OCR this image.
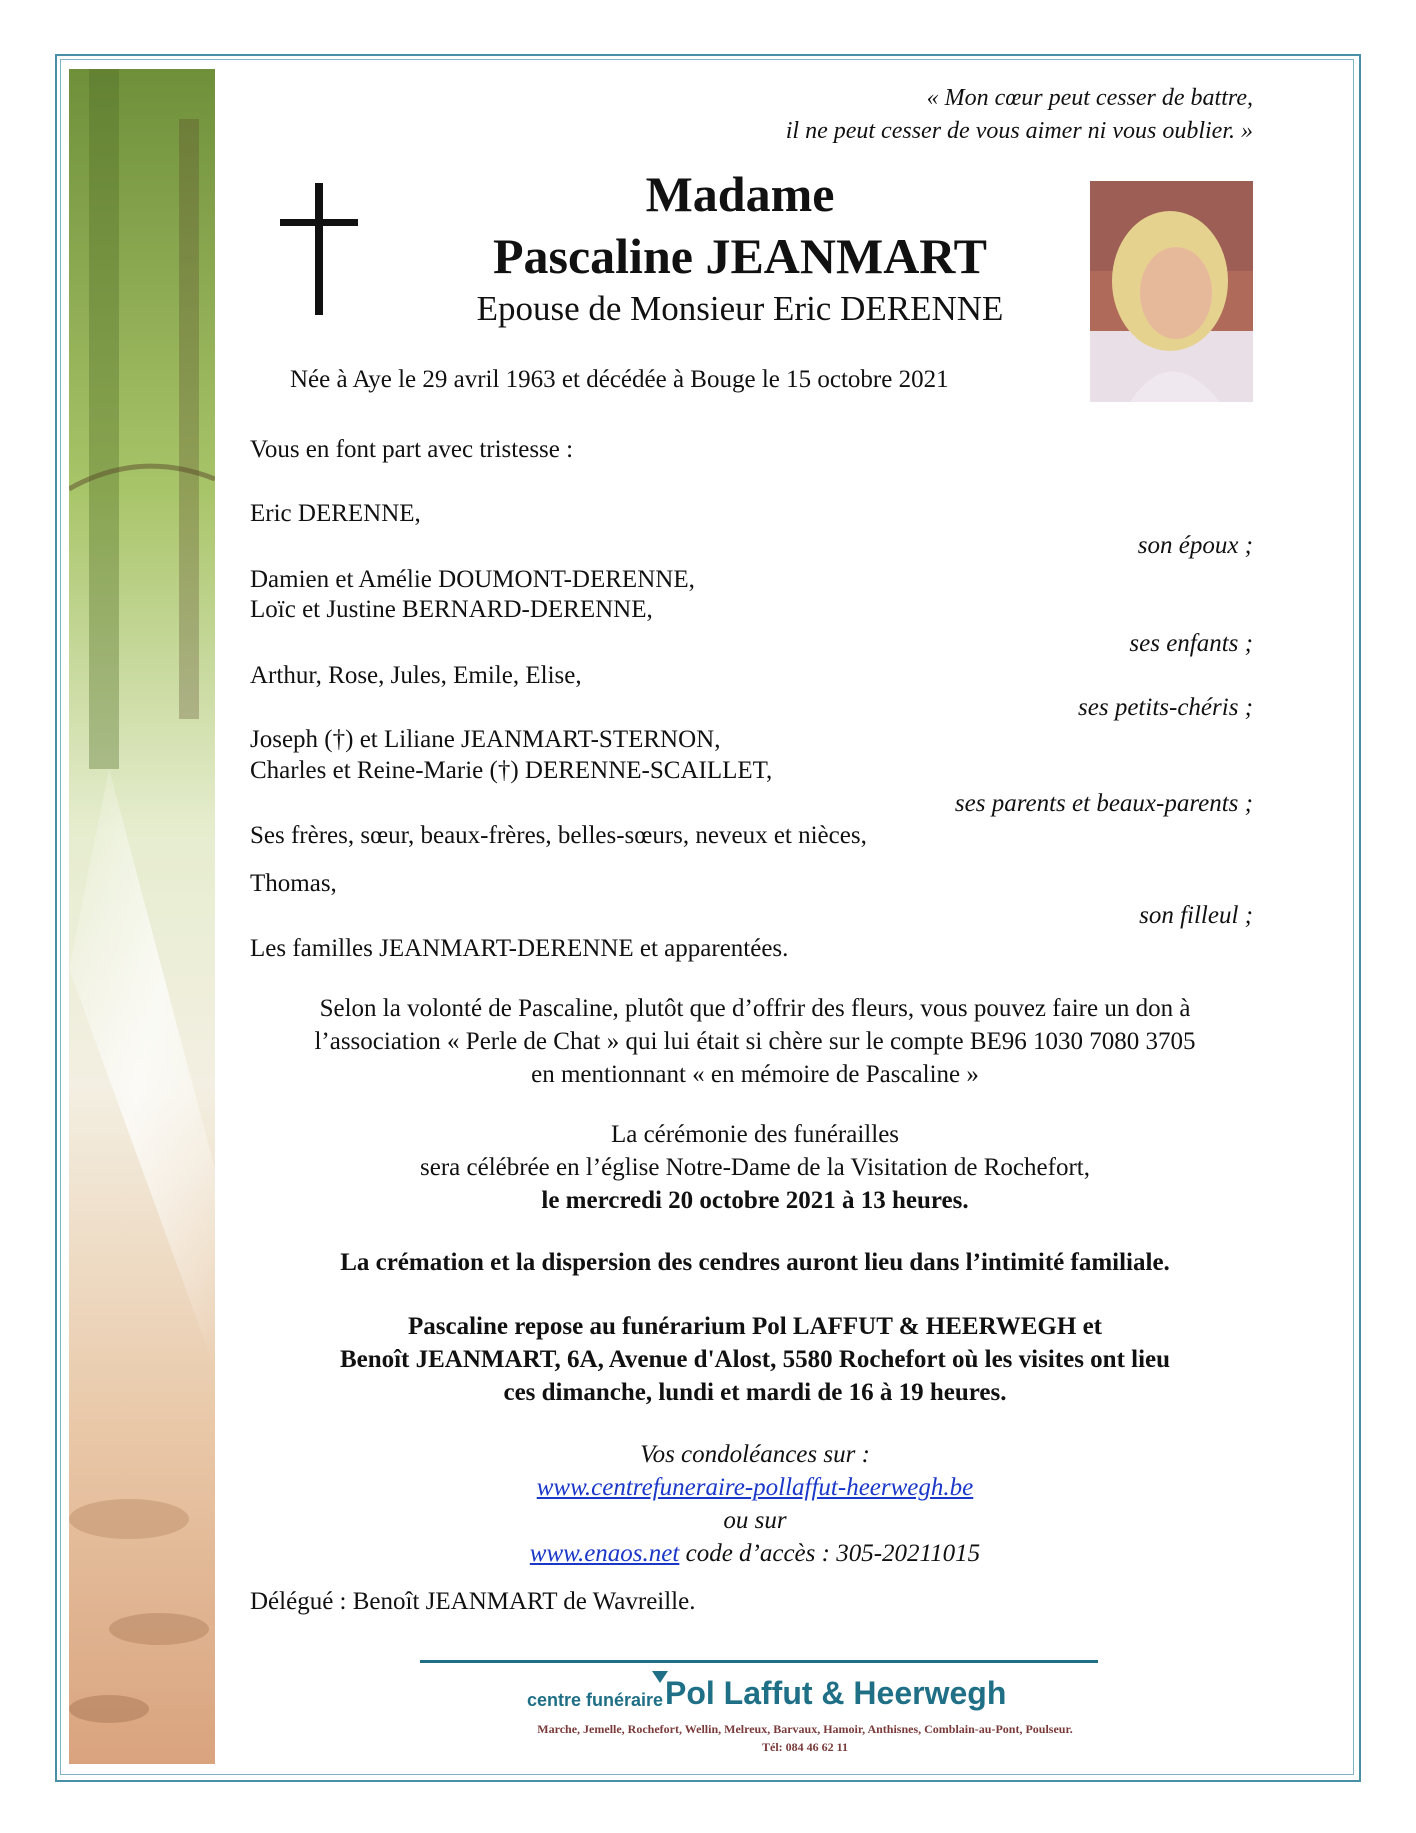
« Mon cœur peut cesser de battre,
il ne peut cesser de vous aimer ni vous oublier. »
Madame
Pascaline JEANMART
Epouse de Monsieur Eric DERENNE
Née à Aye le 29 avril 1963 et décédée à Bouge le 15 octobre 2021
Vous en font part avec tristesse :
Eric DERENNE,
son époux ;
Damien et Amélie DOUMONT-DERENNE,
Loïc et Justine BERNARD-DERENNE,
ses enfants ;
Arthur, Rose, Jules, Emile, Elise,
ses petits-chéris ;
Joseph (†) et Liliane JEANMART-STERNON,
Charles et Reine-Marie (†) DERENNE-SCAILLET,
ses parents et beaux-parents ;
Ses frères, sœur, beaux-frères, belles-sœurs, neveux et nièces,
Thomas,
son filleul ;
Les familles JEANMART-DERENNE et apparentées.
Selon la volonté de Pascaline, plutôt que d’offrir des fleurs, vous pouvez faire un don à
l’association « Perle de Chat » qui lui était si chère sur le compte BE96 1030 7080 3705
en mentionnant « en mémoire de Pascaline »
La cérémonie des funérailles
sera célébrée en l’église Notre-Dame de la Visitation de Rochefort,
le mercredi 20 octobre 2021 à 13 heures.
La crémation et la dispersion des cendres auront lieu dans l’intimité familiale.
Pascaline repose au funérarium Pol LAFFUT & HEERWEGH et
Benoît JEANMART, 6A, Avenue d'Alost, 5580 Rochefort où les visites ont lieu
ces dimanche, lundi et mardi de 16 à 19 heures.
Vos condoléances sur :
www.centrefuneraire-pollaffut-heerwegh.be
ou sur
www.enaos.net code d’accès : 305-20211015
Délégué : Benoît JEANMART de Wavreille.
centre funéraire Pol Laffut & Heerwegh
Marche, Jemelle, Rochefort, Wellin, Melreux, Barvaux, Hamoir, Anthisnes, Comblain-au-Pont, Poulseur.
Tél: 084 46 62 11
